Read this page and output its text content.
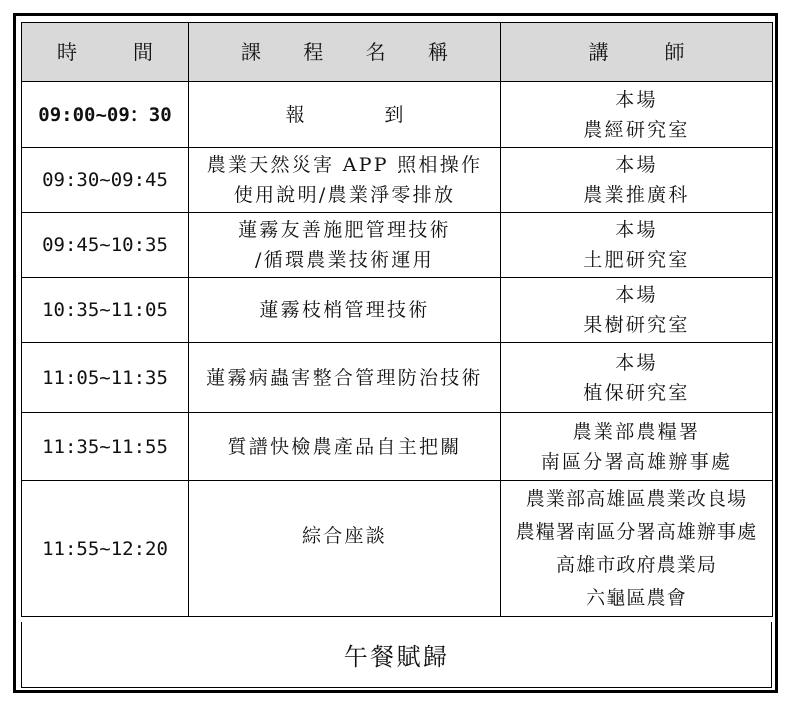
時　間	課 程 名 稱	講　師
09:00~09：30	報　到	本場
農經研究室

09:30~09:45	農業天然災害 APP 照相操作
使用說明/農業淨零排放	本場
農業推廣科

09:45~10:35	蓮霧友善施肥管理技術
/循環農業技術運用	本場
土肥研究室

10:35~11:05	蓮霧枝梢管理技術	本場
果樹研究室

11:05~11:35	蓮霧病蟲害整合管理防治技術	本場
植保研究室

11:35~11:55	質譜快檢農產品自主把關	農業部農糧署
南區分署高雄辦事處

11:55~12:20	綜合座談	農業部高雄區農業改良場
農糧署南區分署高雄辦事處
高雄市政府農業局
六龜區農會
午餐賦歸
